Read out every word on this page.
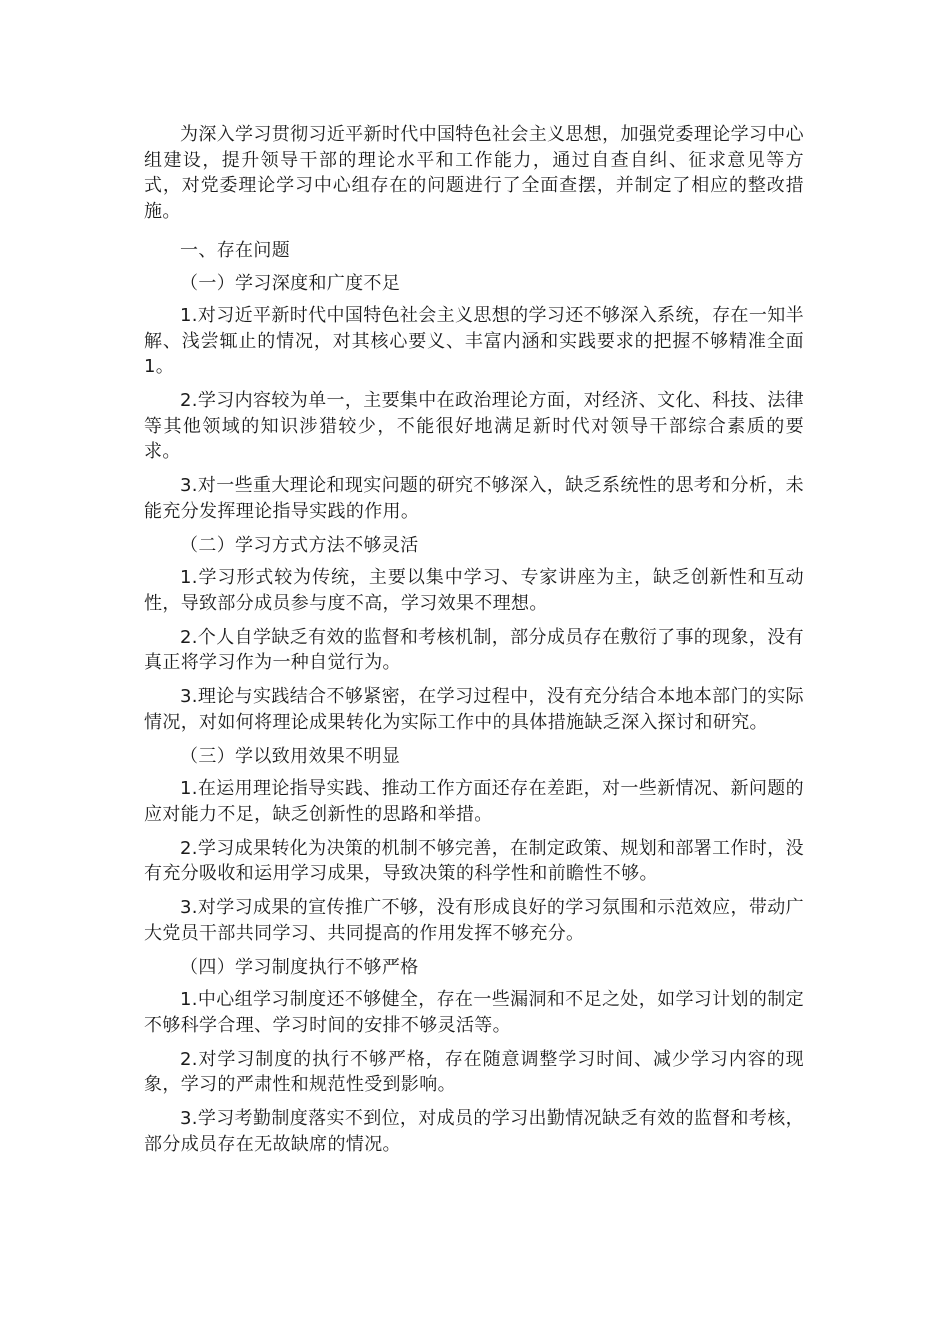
为深入学习贯彻习近平新时代中国特色社会主义思想，加强党委理论学习中心组建设，提升领导干部的理论水平和工作能力，通过自查自纠、征求意见等方式，对党委理论学习中心组存在的问题进行了全面查摆，并制定了相应的整改措施。

一、存在问题

（一）学习深度和广度不足

1.对习近平新时代中国特色社会主义思想的学习还不够深入系统，存在一知半解、浅尝辄止的情况，对其核心要义、丰富内涵和实践要求的把握不够精准全面 1。

2.学习内容较为单一，主要集中在政治理论方面，对经济、文化、科技、法律等其他领域的知识涉猎较少，不能很好地满足新时代对领导干部综合素质的要求。

3.对一些重大理论和现实问题的研究不够深入，缺乏系统性的思考和分析，未能充分发挥理论指导实践的作用。

（二）学习方式方法不够灵活

1.学习形式较为传统，主要以集中学习、专家讲座为主，缺乏创新性和互动性，导致部分成员参与度不高，学习效果不理想。

2.个人自学缺乏有效的监督和考核机制，部分成员存在敷衍了事的现象，没有真正将学习作为一种自觉行为。

3.理论与实践结合不够紧密，在学习过程中，没有充分结合本地本部门的实际情况，对如何将理论成果转化为实际工作中的具体措施缺乏深入探讨和研究。

（三）学以致用效果不明显

1.在运用理论指导实践、推动工作方面还存在差距，对一些新情况、新问题的应对能力不足，缺乏创新性的思路和举措。

2.学习成果转化为决策的机制不够完善，在制定政策、规划和部署工作时，没有充分吸收和运用学习成果，导致决策的科学性和前瞻性不够。

3.对学习成果的宣传推广不够，没有形成良好的学习氛围和示范效应，带动广大党员干部共同学习、共同提高的作用发挥不够充分。

（四）学习制度执行不够严格

1.中心组学习制度还不够健全，存在一些漏洞和不足之处，如学习计划的制定不够科学合理、学习时间的安排不够灵活等。

2.对学习制度的执行不够严格，存在随意调整学习时间、减少学习内容的现象，学习的严肃性和规范性受到影响。

3.学习考勤制度落实不到位，对成员的学习出勤情况缺乏有效的监督和考核，部分成员存在无故缺席的情况。
